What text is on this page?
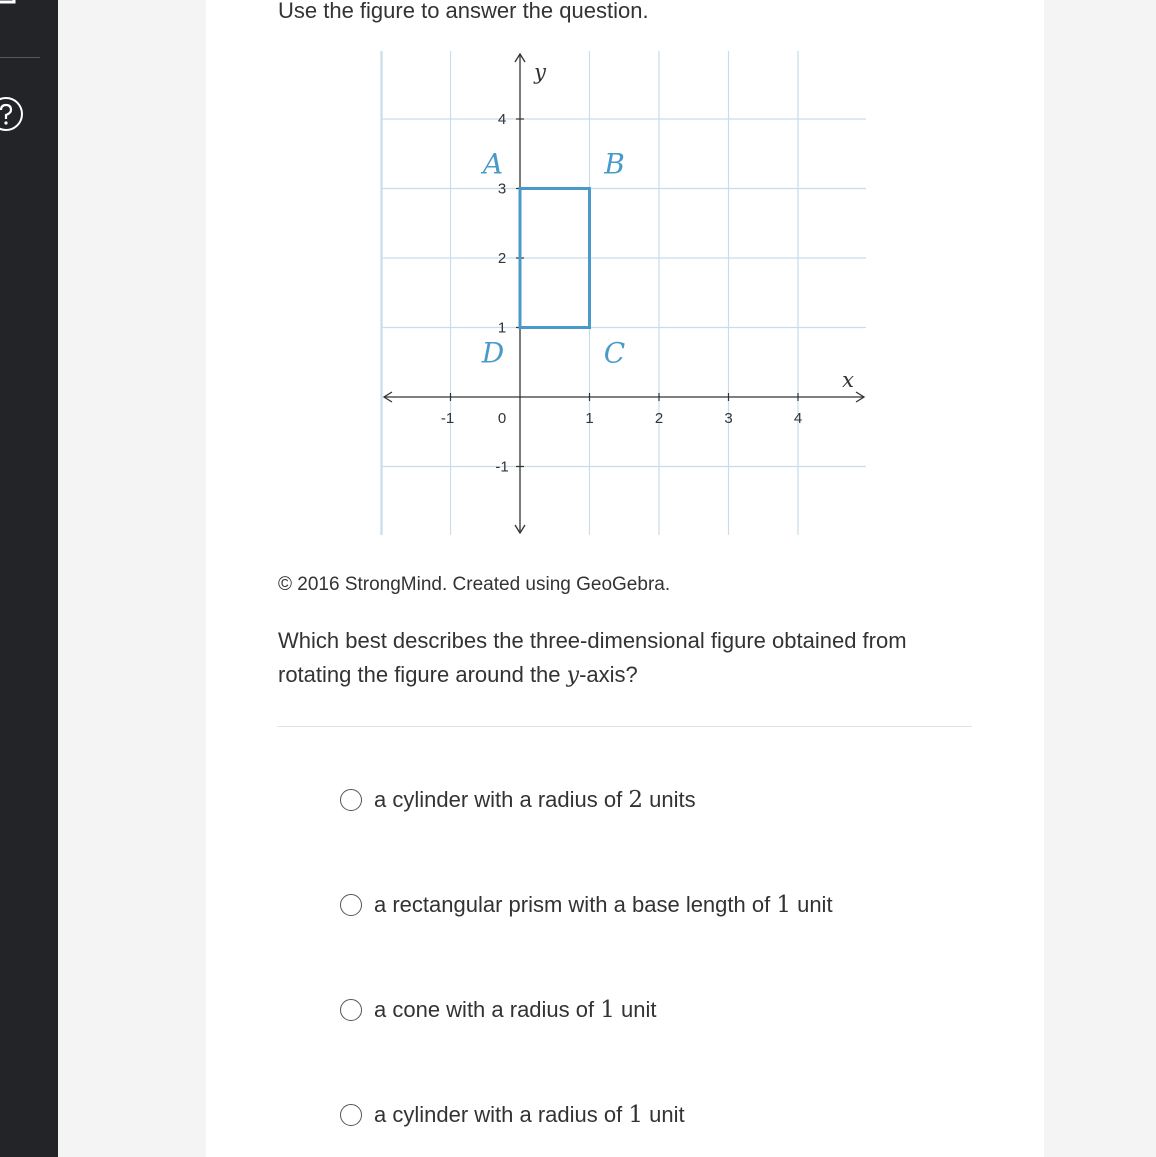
Use the figure to answer the question.

-1	0	1	2	3	4
4
3
2
1
-1
y
x
A	B
C
D
© 2016 StrongMind. Created using GeoGebra.
Which best describes the three-dimensional figure obtained from rotating the figure around the y-axis?
a cylinder with a radius of 2 units
a rectangular prism with a base length of 1 unit
a cone with a radius of 1 unit
a cylinder with a radius of 1 unit
